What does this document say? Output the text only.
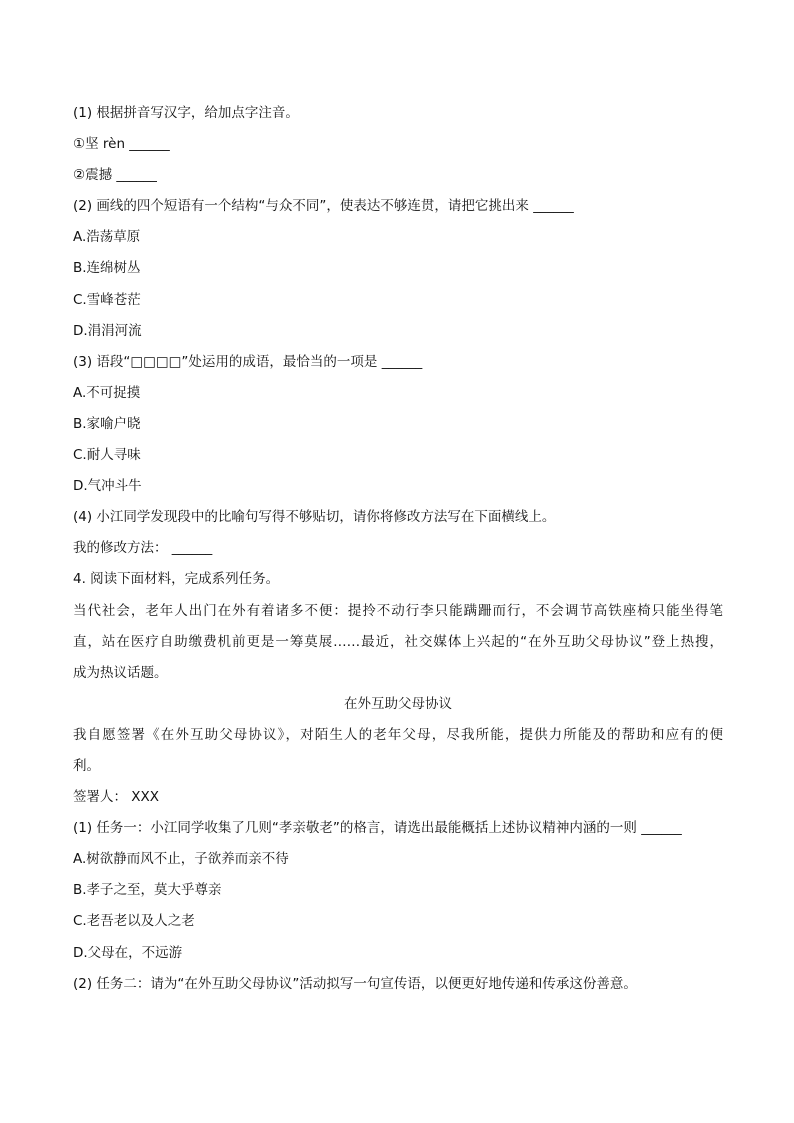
(1) 根据拼音写汉字，给加点字注音。
①坚 rèn ______
②震撼 ______
(2) 画线的四个短语有一个结构“与众不同”，使表达不够连贯，请把它挑出来 ______
A.浩荡草原
B.连绵树丛
C.雪峰苍茫
D.涓涓河流
(3) 语段“□□□□”处运用的成语，最恰当的一项是 ______
A.不可捉摸
B.家喻户晓
C.耐人寻味
D.气冲斗牛
(4) 小江同学发现段中的比喻句写得不够贴切，请你将修改方法写在下面横线上。
我的修改方法： ______
4. 阅读下面材料，完成系列任务。
当代社会，老年人出门在外有着诸多不便：提拎不动行李只能蹒跚而行，不会调节高铁座椅只能坐得笔
直，站在医疗自助缴费机前更是一筹莫展……最近，社交媒体上兴起的“在外互助父母协议”登上热搜，
成为热议话题。
在外互助父母协议
我自愿签署《在外互助父母协议》，对陌生人的老年父母，尽我所能，提供力所能及的帮助和应有的便
利。
签署人： XXX
(1) 任务一：小江同学收集了几则“孝亲敬老”的格言，请选出最能概括上述协议精神内涵的一则 ______
A.树欲静而风不止，子欲养而亲不待
B.孝子之至，莫大乎尊亲
C.老吾老以及人之老
D.父母在，不远游
(2) 任务二：请为“在外互助父母协议”活动拟写一句宣传语，以便更好地传递和传承这份善意。
